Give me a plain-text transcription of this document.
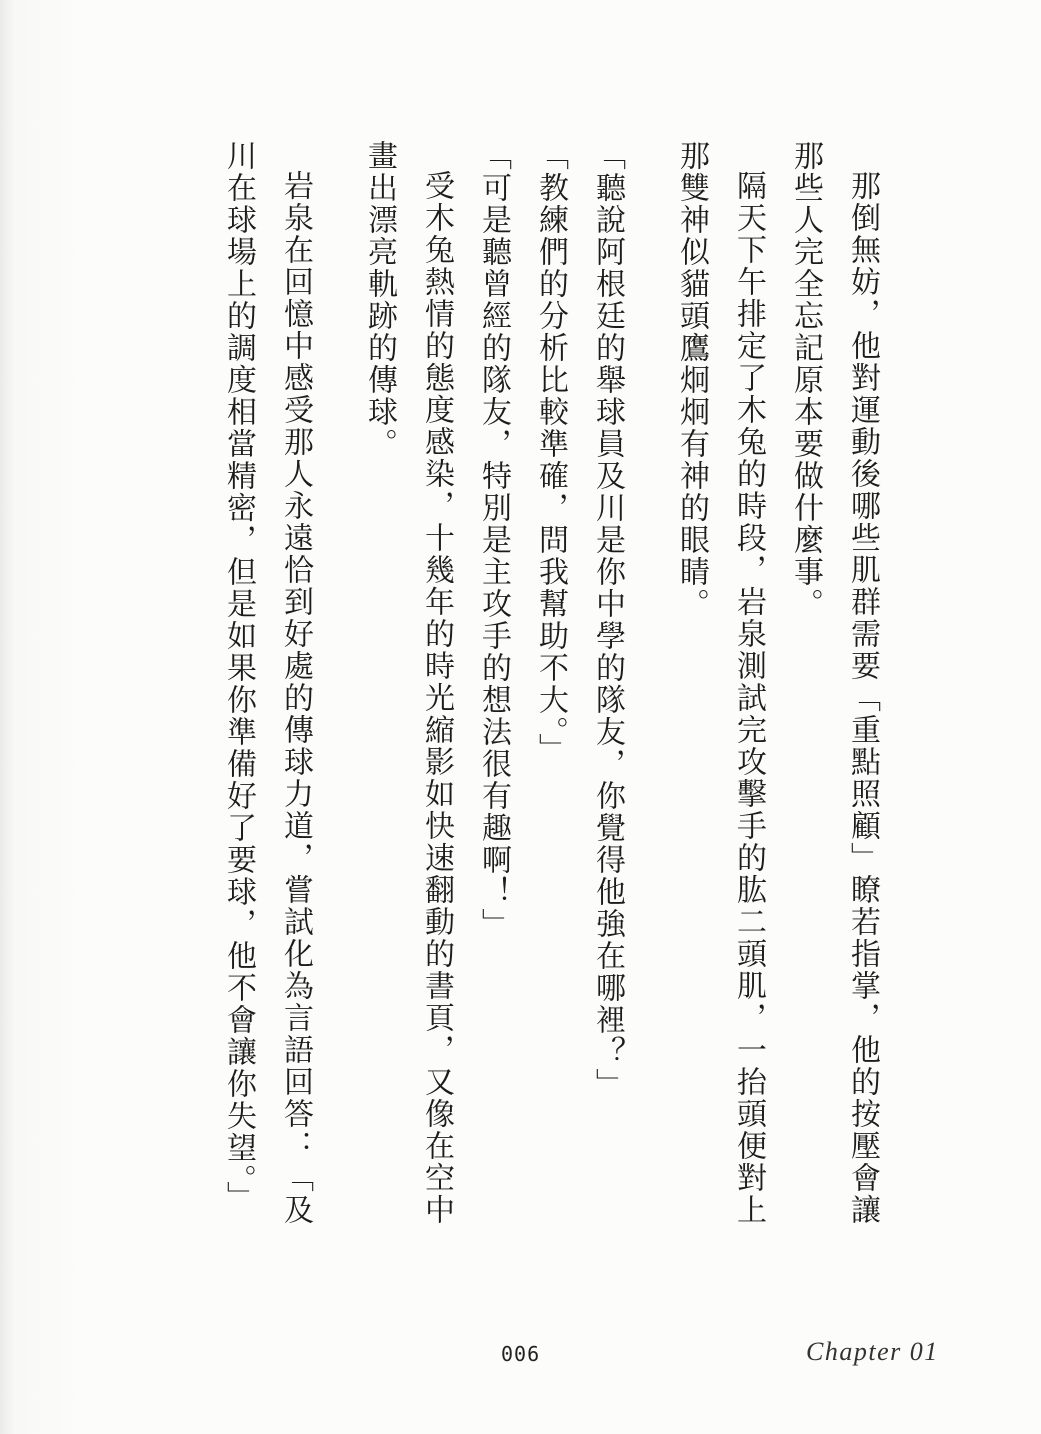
那倒無妨，他對運動後哪些肌群需要「重點照顧」瞭若指掌，他的按壓會讓那些人完全忘記原本要做什麼事。

隔天下午排定了木兔的時段，岩泉測試完攻擊手的肱二頭肌，一抬頭便對上那雙神似貓頭鷹炯炯有神的眼睛。

「聽說阿根廷的舉球員及川是你中學的隊友，你覺得他強在哪裡？」

「教練們的分析比較準確，問我幫助不大。」

「可是聽曾經的隊友，特別是主攻手的想法很有趣啊！」

受木兔熱情的態度感染，十幾年的時光縮影如快速翻動的書頁，又像在空中畫出漂亮軌跡的傳球。

岩泉在回憶中感受那人永遠恰到好處的傳球力道，嘗試化為言語回答：「及川在球場上的調度相當精密，但是如果你準備好了要球，他不會讓你失望。」

006	Chapter 01
